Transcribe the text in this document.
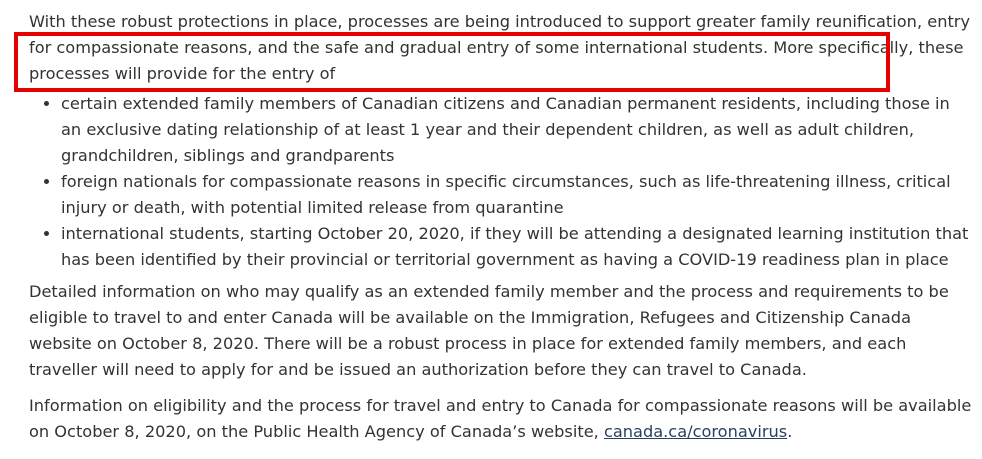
With these robust protections in place, processes are being introduced to support greater family reunification, entry for compassionate reasons, and the safe and gradual entry of some international students. More specifically, these processes will provide for the entry of

• certain extended family members of Canadian citizens and Canadian permanent residents, including those in an exclusive dating relationship of at least 1 year and their dependent children, as well as adult children, grandchildren, siblings and grandparents
• foreign nationals for compassionate reasons in specific circumstances, such as life-threatening illness, critical injury or death, with potential limited release from quarantine
• international students, starting October 20, 2020, if they will be attending a designated learning institution that has been identified by their provincial or territorial government as having a COVID-19 readiness plan in place

Detailed information on who may qualify as an extended family member and the process and requirements to be eligible to travel to and enter Canada will be available on the Immigration, Refugees and Citizenship Canada website on October 8, 2020. There will be a robust process in place for extended family members, and each traveller will need to apply for and be issued an authorization before they can travel to Canada.

Information on eligibility and the process for travel and entry to Canada for compassionate reasons will be available on October 8, 2020, on the Public Health Agency of Canada’s website, canada.ca/coronavirus.
